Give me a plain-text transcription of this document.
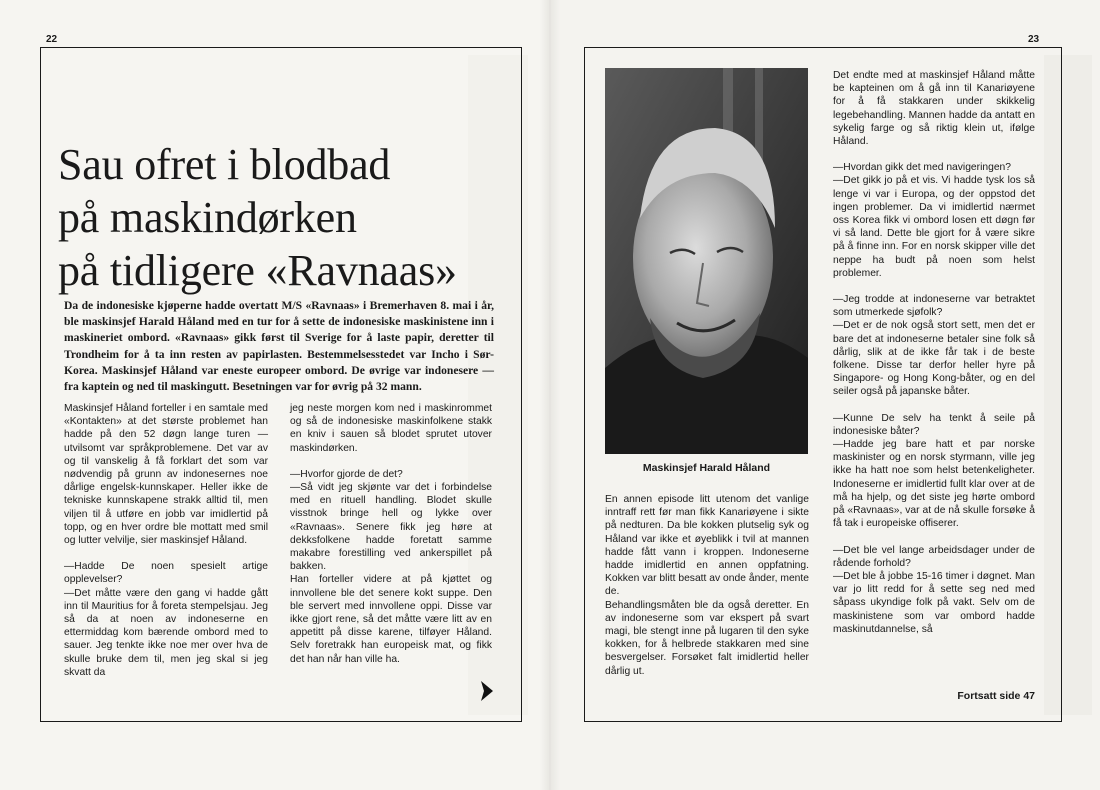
22	23
Sau ofret i blodbad
på maskindørken
på tidligere «Ravnaas»

Da de indonesiske kjøperne hadde overtatt M/S «Ravnaas» i Bremerhaven 8. mai i år, ble maskinsjef Harald Håland med en tur for å sette de indonesiske maskinistene inn i maskineriet ombord. «Ravnaas» gikk først til Sverige for å laste papir, deretter til Trondheim for å ta inn resten av papirlasten. Bestemmelsesstedet var Incho i Sør-Korea. Maskinsjef Håland var eneste europeer ombord. De øvrige var indonesere — fra kaptein og ned til maskingutt. Besetningen var for øvrig på 32 mann.

Maskinsjef Håland forteller i en samtale med «Kontakten» at det største problemet han hadde på den 52 døgn lange turen — utvilsomt var språkproblemene. Det var av og til vanskelig å få forklart det som var nødvendig på grunn av indonesernes noe dårlige engelsk-kunnskaper. Heller ikke de tekniske kunnskapene strakk alltid til, men viljen til å utføre en jobb var imidlertid på topp, og en hver ordre ble mottatt med smil og lutter velvilje, sier maskinsjef Håland.

—Hadde De noen spesielt artige opplevelser?

—Det måtte være den gang vi hadde gått inn til Mauritius for å foreta stempelsjau. Jeg så da at noen av indoneserne en ettermiddag kom bærende ombord med to sauer. Jeg tenkte ikke noe mer over hva de skulle bruke dem til, men jeg skal si jeg skvatt da

jeg neste morgen kom ned i maskinrommet og så de indonesiske maskinfolkene stakk en kniv i sauen så blodet sprutet utover maskindørken.

—Hvorfor gjorde de det?

—Så vidt jeg skjønte var det i forbindelse med en rituell handling. Blodet skulle visstnok bringe hell og lykke over «Ravnaas». Senere fikk jeg høre at dekksfolkene hadde foretatt samme makabre forestilling ved ankerspillet på bakken.

Han forteller videre at på kjøttet og innvollene ble det senere kokt suppe. Den ble servert med innvollene oppi. Disse var ikke gjort rene, så det måtte være litt av en appetitt på disse karene, tilføyer Håland. Selv foretrakk han europeisk mat, og fikk det han når han ville ha.

Maskinsjef Harald Håland

En annen episode litt utenom det vanlige inntraff rett før man fikk Kanariøyene i sikte på nedturen. Da ble kokken plutselig syk og Håland var ikke et øyeblikk i tvil at mannen hadde fått vann i kroppen. Indoneserne hadde imidlertid en annen oppfatning. Kokken var blitt besatt av onde ånder, mente de.

Behandlingsmåten ble da også deretter. En av indoneserne som var ekspert på svart magi, ble stengt inne på lugaren til den syke kokken, for å helbrede stakkaren med sine besvergelser. Forsøket falt imidlertid heller dårlig ut.

Det endte med at maskinsjef Håland måtte be kapteinen om å gå inn til Kanariøyene for å få stakkaren under skikkelig legebehandling. Mannen hadde da antatt en sykelig farge og så riktig klein ut, ifølge Håland.

—Hvordan gikk det med navigeringen?

—Det gikk jo på et vis. Vi hadde tysk los så lenge vi var i Europa, og der oppstod det ingen problemer. Da vi imidlertid nærmet oss Korea fikk vi ombord losen ett døgn før vi så land. Dette ble gjort for å være sikre på å finne inn. For en norsk skipper ville det neppe ha budt på noen som helst problemer.

—Jeg trodde at indoneserne var betraktet som utmerkede sjøfolk?

—Det er de nok også stort sett, men det er bare det at indoneserne betaler sine folk så dårlig, slik at de ikke får tak i de beste folkene. Disse tar derfor heller hyre på Singapore- og Hong Kong-båter, og en del seiler også på japanske båter.

—Kunne De selv ha tenkt å seile på indonesiske båter?

—Hadde jeg bare hatt et par norske maskinister og en norsk styrmann, ville jeg ikke ha hatt noe som helst betenkeligheter. Indoneserne er imidlertid fullt klar over at de må ha hjelp, og det siste jeg hørte ombord på «Ravnaas», var at de nå skulle forsøke å få tak i europeiske offiserer.

—Det ble vel lange arbeidsdager under de rådende forhold?

—Det ble å jobbe 15-16 timer i døgnet. Man var jo litt redd for å sette seg ned med såpass ukyndige folk på vakt. Selv om de maskinistene som var ombord hadde maskinutdannelse, så

Fortsatt side 47
